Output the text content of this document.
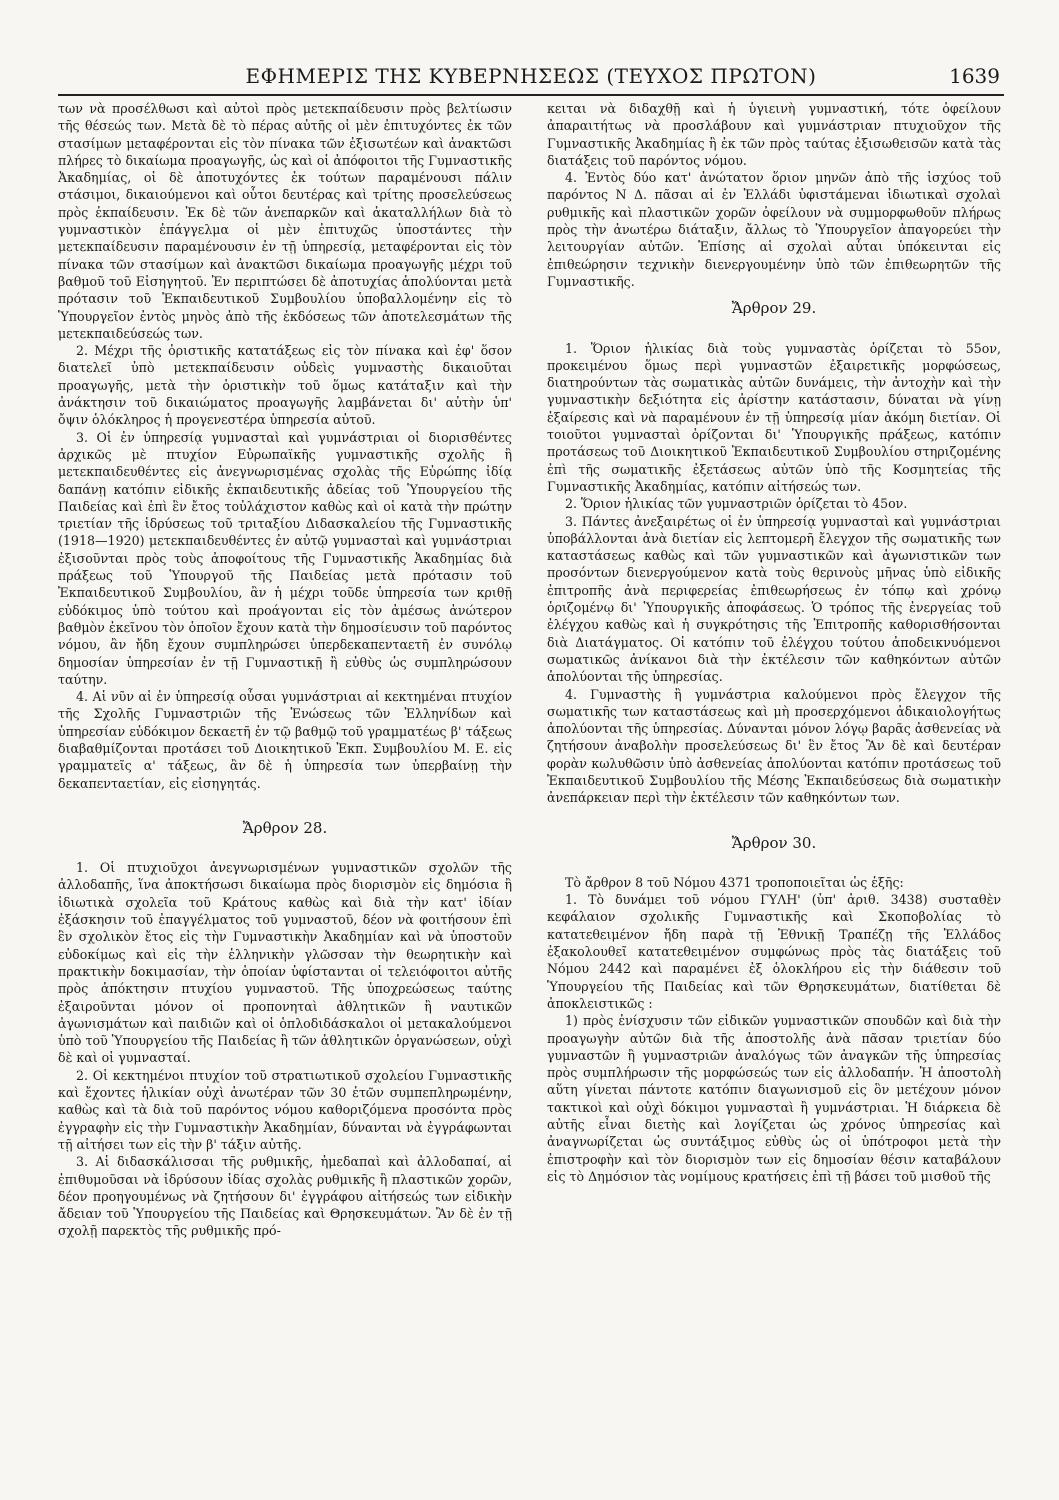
ΕΦΗΜΕΡΙΣ ΤΗΣ ΚΥΒΕΡΝΗΣΕΩΣ (ΤΕΥΧΟΣ ΠΡΩΤΟΝ)	1639

των νὰ προσέλθωσι καὶ αὐτοὶ πρὸς μετεκπαίδευσιν πρὸς βελτίωσιν τῆς θέσεώς των. Μετὰ δὲ τὸ πέρας αὐτῆς οἱ μὲν ἐπιτυχόντες ἐκ τῶν στασίμων μεταφέρονται εἰς τὸν πίνακα τῶν ἐξισωτέων καὶ ἀνακτῶσι πλήρες τὸ δικαίωμα προαγωγῆς, ὡς καὶ οἱ ἀπόφοιτοι τῆς Γυμναστικῆς Ἀκαδημίας, οἱ δὲ ἀποτυχόντες ἐκ τούτων παραμένουσι πάλιν στάσιμοι, δικαιούμενοι καὶ οὗτοι δευτέρας καὶ τρίτης προσελεύσεως πρὸς ἐκπαίδευσιν. Ἐκ δὲ τῶν ἀνεπαρκῶν καὶ ἀκαταλλήλων διὰ τὸ γυμναστικὸν ἐπάγγελμα οἱ μὲν ἐπιτυχῶς ὑποστάντες τὴν μετεκπαίδευσιν παραμένουσιν ἐν τῇ ὑπηρεσίᾳ, μεταφέρονται εἰς τὸν πίνακα τῶν στασίμων καὶ ἀνακτῶσι δικαίωμα προαγωγῆς μέχρι τοῦ βαθμοῦ τοῦ Εἰσηγητοῦ. Ἐν περιπτώσει δὲ ἀποτυχίας ἀπολύονται μετὰ πρότασιν τοῦ Ἐκπαιδευτικοῦ Συμβουλίου ὑποβαλλομένην εἰς τὸ Ὑπουργεῖον ἐντὸς μηνὸς ἀπὸ τῆς ἐκδόσεως τῶν ἀποτελεσμάτων τῆς μετεκπαιδεύσεώς των.

2. Μέχρι τῆς ὁριστικῆς κατατάξεως εἰς τὸν πίνακα καὶ ἐφ' ὅσον διατελεῖ ὑπὸ μετεκπαίδευσιν οὐδεὶς γυμναστὴς δικαιοῦται προαγωγῆς, μετὰ τὴν ὁριστικὴν τοῦ ὅμως κατάταξιν καὶ τὴν ἀνάκτησιν τοῦ δικαιώματος προαγωγῆς λαμβάνεται δι' αὐτὴν ὑπ' ὄψιν ὁλόκληρος ἡ προγενεστέρα ὑπηρεσία αὐτοῦ.

3. Οἱ ἐν ὑπηρεσίᾳ γυμνασταὶ καὶ γυμνάστριαι οἱ διορισθέντες ἀρχικῶς μὲ πτυχίον Εὐρωπαϊκῆς γυμναστικῆς σχολῆς ἢ μετεκπαιδευθέντες εἰς ἀνεγνωρισμένας σχολὰς τῆς Εὐρώπης ἰδίᾳ δαπάνῃ κατόπιν εἰδικῆς ἐκπαιδευτικῆς ἀδείας τοῦ Ὑπουργείου τῆς Παιδείας καὶ ἐπὶ ἓν ἔτος τοὐλάχιστον καθὼς καὶ οἱ κατὰ τὴν πρώτην τριετίαν τῆς ἱδρύσεως τοῦ τριταξίου Διδασκαλείου τῆς Γυμναστικῆς (1918—1920) μετεκπαιδευθέντες ἐν αὐτῷ γυμνασταὶ καὶ γυμνάστριαι ἐξισοῦνται πρὸς τοὺς ἀποφοίτους τῆς Γυμναστικῆς Ἀκαδημίας διὰ πράξεως τοῦ Ὑπουργοῦ τῆς Παιδείας μετὰ πρότασιν τοῦ Ἐκπαιδευτικοῦ Συμβουλίου, ἂν ἡ μέχρι τοῦδε ὑπηρεσία των κριθῇ εὐδόκιμος ὑπὸ τούτου καὶ προάγονται εἰς τὸν ἀμέσως ἀνώτερον βαθμὸν ἐκεῖνου τὸν ὁποῖον ἔχουν κατὰ τὴν δημοσίευσιν τοῦ παρόντος νόμου, ἂν ἤδη ἔχουν συμπληρώσει ὑπερδεκαπενταετῆ ἐν συνόλῳ δημοσίαν ὑπηρεσίαν ἐν τῇ Γυμναστικῇ ἢ εὐθὺς ὡς συμπληρώσουν ταύτην.

4. Αἱ νῦν αἱ ἐν ὑπηρεσίᾳ οὖσαι γυμνάστριαι αἱ κεκτημέναι πτυχίον τῆς Σχολῆς Γυμναστριῶν τῆς Ἑνώσεως τῶν Ἑλληνίδων καὶ ὑπηρεσίαν εὐδόκιμον δεκαετῆ ἐν τῷ βαθμῷ τοῦ γραμματέως β' τάξεως διαβαθμίζονται προτάσει τοῦ Διοικητικοῦ Ἐκπ. Συμβουλίου Μ. Ε. εἰς γραμματεῖς α' τάξεως, ἂν δὲ ἡ ὑπηρεσία των ὑπερβαίνῃ τὴν δεκαπενταετίαν, εἰς εἰσηγητάς.

Ἄρθρον 28.

1. Οἱ πτυχιοῦχοι ἀνεγνωρισμένων γυμναστικῶν σχολῶν τῆς ἀλλοδαπῆς, ἵνα ἀποκτήσωσι δικαίωμα πρὸς διορισμὸν εἰς δημόσια ἢ ἰδιωτικὰ σχολεῖα τοῦ Κράτους καθὼς καὶ διὰ τὴν κατ' ἰδίαν ἐξάσκησιν τοῦ ἐπαγγέλματος τοῦ γυμναστοῦ, δέον νὰ φοιτήσουν ἐπὶ ἓν σχολικὸν ἔτος εἰς τὴν Γυμναστικὴν Ἀκαδημίαν καὶ νὰ ὑποστοῦν εὐδοκίμως καὶ εἰς τὴν ἑλληνικὴν γλῶσσαν τὴν θεωρητικὴν καὶ πρακτικὴν δοκιμασίαν, τὴν ὁποίαν ὑφίστανται οἱ τελειόφοιτοι αὐτῆς πρὸς ἀπόκτησιν πτυχίου γυμναστοῦ. Τῆς ὑποχρεώσεως ταύτης ἐξαιροῦνται μόνον οἱ προπονηταὶ ἀθλητικῶν ἢ ναυτικῶν ἀγωνισμάτων καὶ παιδιῶν καὶ οἱ ὁπλοδιδάσκαλοι οἱ μετακαλούμενοι ὑπὸ τοῦ Ὑπουργείου τῆς Παιδείας ἢ τῶν ἀθλητικῶν ὀργανώσεων, οὐχὶ δὲ καὶ οἱ γυμνασταί.

2. Οἱ κεκτημένοι πτυχίον τοῦ στρατιωτικοῦ σχολείου Γυμναστικῆς καὶ ἔχοντες ἡλικίαν οὐχὶ ἀνωτέραν τῶν 30 ἐτῶν συμπεπληρωμένην, καθὼς καὶ τὰ διὰ τοῦ παρόντος νόμου καθοριζόμενα προσόντα πρὸς ἐγγραφὴν εἰς τὴν Γυμναστικὴν Ἀκαδημίαν, δύνανται νὰ ἐγγράφωνται τῇ αἰτήσει των εἰς τὴν β' τάξιν αὐτῆς.

3. Αἱ διδασκάλισσαι τῆς ρυθμικῆς, ἡμεδαπαὶ καὶ ἀλλοδαπαί, αἱ ἐπιθυμοῦσαι νὰ ἱδρύσουν ἰδίας σχολὰς ρυθμικῆς ἢ πλαστικῶν χορῶν, δέον προηγουμένως νὰ ζητήσουν δι' ἐγγράφου αἰτήσεώς των εἰδικὴν ἄδειαν τοῦ Ὑπουργείου τῆς Παιδείας καὶ Θρησκευμάτων. Ἂν δὲ ἐν τῇ σχολῇ παρεκτὸς τῆς ρυθμικῆς πρό-

κειται νὰ διδαχθῇ καὶ ἡ ὑγιεινὴ γυμναστική, τότε ὀφείλουν ἀπαραιτήτως νὰ προσλάβουν καὶ γυμνάστριαν πτυχιοῦχον τῆς Γυμναστικῆς Ἀκαδημίας ἢ ἐκ τῶν πρὸς ταύτας ἐξισωθεισῶν κατὰ τὰς διατάξεις τοῦ παρόντος νόμου.

4. Ἐντὸς δύο κατ' ἀνώτατον ὅριον μηνῶν ἀπὸ τῆς ἰσχύος τοῦ παρόντος Ν Δ. πᾶσαι αἱ ἐν Ἑλλάδι ὑφιστάμεναι ἰδιωτικαὶ σχολαὶ ρυθμικῆς καὶ πλαστικῶν χορῶν ὀφείλουν νὰ συμμορφωθοῦν πλήρως πρὸς τὴν ἀνωτέρω διάταξιν, ἄλλως τὸ Ὑπουργεῖον ἀπαγορεύει τὴν λειτουργίαν αὐτῶν. Ἐπίσης αἱ σχολαὶ αὗται ὑπόκεινται εἰς ἐπιθεώρησιν τεχνικὴν διενεργουμένην ὑπὸ τῶν ἐπιθεωρητῶν τῆς Γυμναστικῆς.

Ἄρθρον 29.

1. Ὅριον ἡλικίας διὰ τοὺς γυμναστὰς ὁρίζεται τὸ 55ον, προκειμένου ὅμως περὶ γυμναστῶν ἐξαιρετικῆς μορφώσεως, διατηρούντων τὰς σωματικὰς αὐτῶν δυνάμεις, τὴν ἀντοχὴν καὶ τὴν γυμναστικὴν δεξιότητα εἰς ἀρίστην κατάστασιν, δύναται νὰ γίνῃ ἐξαίρεσις καὶ νὰ παραμένουν ἐν τῇ ὑπηρεσίᾳ μίαν ἀκόμη διετίαν. Οἱ τοιοῦτοι γυμνασταὶ ὁρίζονται δι' Ὑπουργικῆς πράξεως, κατόπιν προτάσεως τοῦ Διοικητικοῦ Ἐκπαιδευτικοῦ Συμβουλίου στηριζομένης ἐπὶ τῆς σωματικῆς ἐξετάσεως αὐτῶν ὑπὸ τῆς Κοσμητείας τῆς Γυμναστικῆς Ἀκαδημίας, κατόπιν αἰτήσεώς των.

2. Ὅριον ἡλικίας τῶν γυμναστριῶν ὁρίζεται τὸ 45ον.

3. Πάντες ἀνεξαιρέτως οἱ ἐν ὑπηρεσίᾳ γυμνασταὶ καὶ γυμνάστριαι ὑποβάλλονται ἀνὰ διετίαν εἰς λεπτομερῆ ἔλεγχον τῆς σωματικῆς των καταστάσεως καθὼς καὶ τῶν γυμναστικῶν καὶ ἀγωνιστικῶν των προσόντων διενεργούμενον κατὰ τοὺς θερινοὺς μῆνας ὑπὸ εἰδικῆς ἐπιτροπῆς ἀνὰ περιφερείας ἐπιθεωρήσεως ἐν τόπῳ καὶ χρόνῳ ὁριζομένῳ δι' Ὑπουργικῆς ἀποφάσεως. Ὁ τρόπος τῆς ἐνεργείας τοῦ ἐλέγχου καθὼς καὶ ἡ συγκρότησις τῆς Ἐπιτροπῆς καθορισθήσονται διὰ Διατάγματος. Οἱ κατόπιν τοῦ ἐλέγχου τούτου ἀποδεικνυόμενοι σωματικῶς ἀνίκανοι διὰ τὴν ἐκτέλεσιν τῶν καθηκόντων αὐτῶν ἀπολύονται τῆς ὑπηρεσίας.

4. Γυμναστὴς ἢ γυμνάστρια καλούμενοι πρὸς ἔλεγχον τῆς σωματικῆς των καταστάσεως καὶ μὴ προσερχόμενοι ἀδικαιολογήτως ἀπολύονται τῆς ὑπηρεσίας. Δύνανται μόνον λόγῳ βαρᾶς ἀσθενείας νὰ ζητήσουν ἀναβολὴν προσελεύσεως δι' ἓν ἔτος Ἂν δὲ καὶ δευτέραν φορὰν κωλυθῶσιν ὑπὸ ἀσθενείας ἀπολύονται κατόπιν προτάσεως τοῦ Ἐκπαιδευτικοῦ Συμβουλίου τῆς Μέσης Ἐκπαιδεύσεως διὰ σωματικὴν ἀνεπάρκειαν περὶ τὴν ἐκτέλεσιν τῶν καθηκόντων των.

Ἄρθρον 30.

Τὸ ἄρθρον 8 τοῦ Νόμου 4371 τροποποιεῖται ὡς ἑξῆς:

1. Τὸ δυνάμει τοῦ νόμου ΓΥΛΗ' (ὑπ' ἀριθ. 3438) συσταθὲν κεφάλαιον σχολικῆς Γυμναστικῆς καὶ Σκοποβολίας τὸ κατατεθειμένον ἤδη παρὰ τῇ Ἐθνικῇ Τραπέζῃ τῆς Ἑλλάδος ἐξακολουθεῖ κατατεθειμένον συμφώνως πρὸς τὰς διατάξεις τοῦ Νόμου 2442 καὶ παραμένει ἐξ ὁλοκλήρου εἰς τὴν διάθεσιν τοῦ Ὑπουργείου τῆς Παιδείας καὶ τῶν Θρησκευμάτων, διατίθεται δὲ ἀποκλειστικῶς :

1) πρὸς ἐνίσχυσιν τῶν εἰδικῶν γυμναστικῶν σπουδῶν καὶ διὰ τὴν προαγωγὴν αὐτῶν διὰ τῆς ἀποστολῆς ἀνὰ πᾶσαν τριετίαν δύο γυμναστῶν ἢ γυμναστριῶν ἀναλόγως τῶν ἀναγκῶν τῆς ὑπηρεσίας πρὸς συμπλήρωσιν τῆς μορφώσεώς των εἰς ἀλλοδαπήν. Ἡ ἀποστολὴ αὕτη γίνεται πάντοτε κατόπιν διαγωνισμοῦ εἰς ὃν μετέχουν μόνον τακτικοὶ καὶ οὐχὶ δόκιμοι γυμνασταὶ ἢ γυμνάστριαι. Ἡ διάρκεια δὲ αὐτῆς εἶναι διετὴς καὶ λογίζεται ὡς χρόνος ὑπηρεσίας καὶ ἀναγνωρίζεται ὡς συντάξιμος εὐθὺς ὡς οἱ ὑπότροφοι μετὰ τὴν ἐπιστροφὴν καὶ τὸν διορισμὸν των εἰς δημοσίαν θέσιν καταβάλουν εἰς τὸ Δημόσιον τὰς νομίμους κρατήσεις ἐπὶ τῇ βάσει τοῦ μισθοῦ τῆς
